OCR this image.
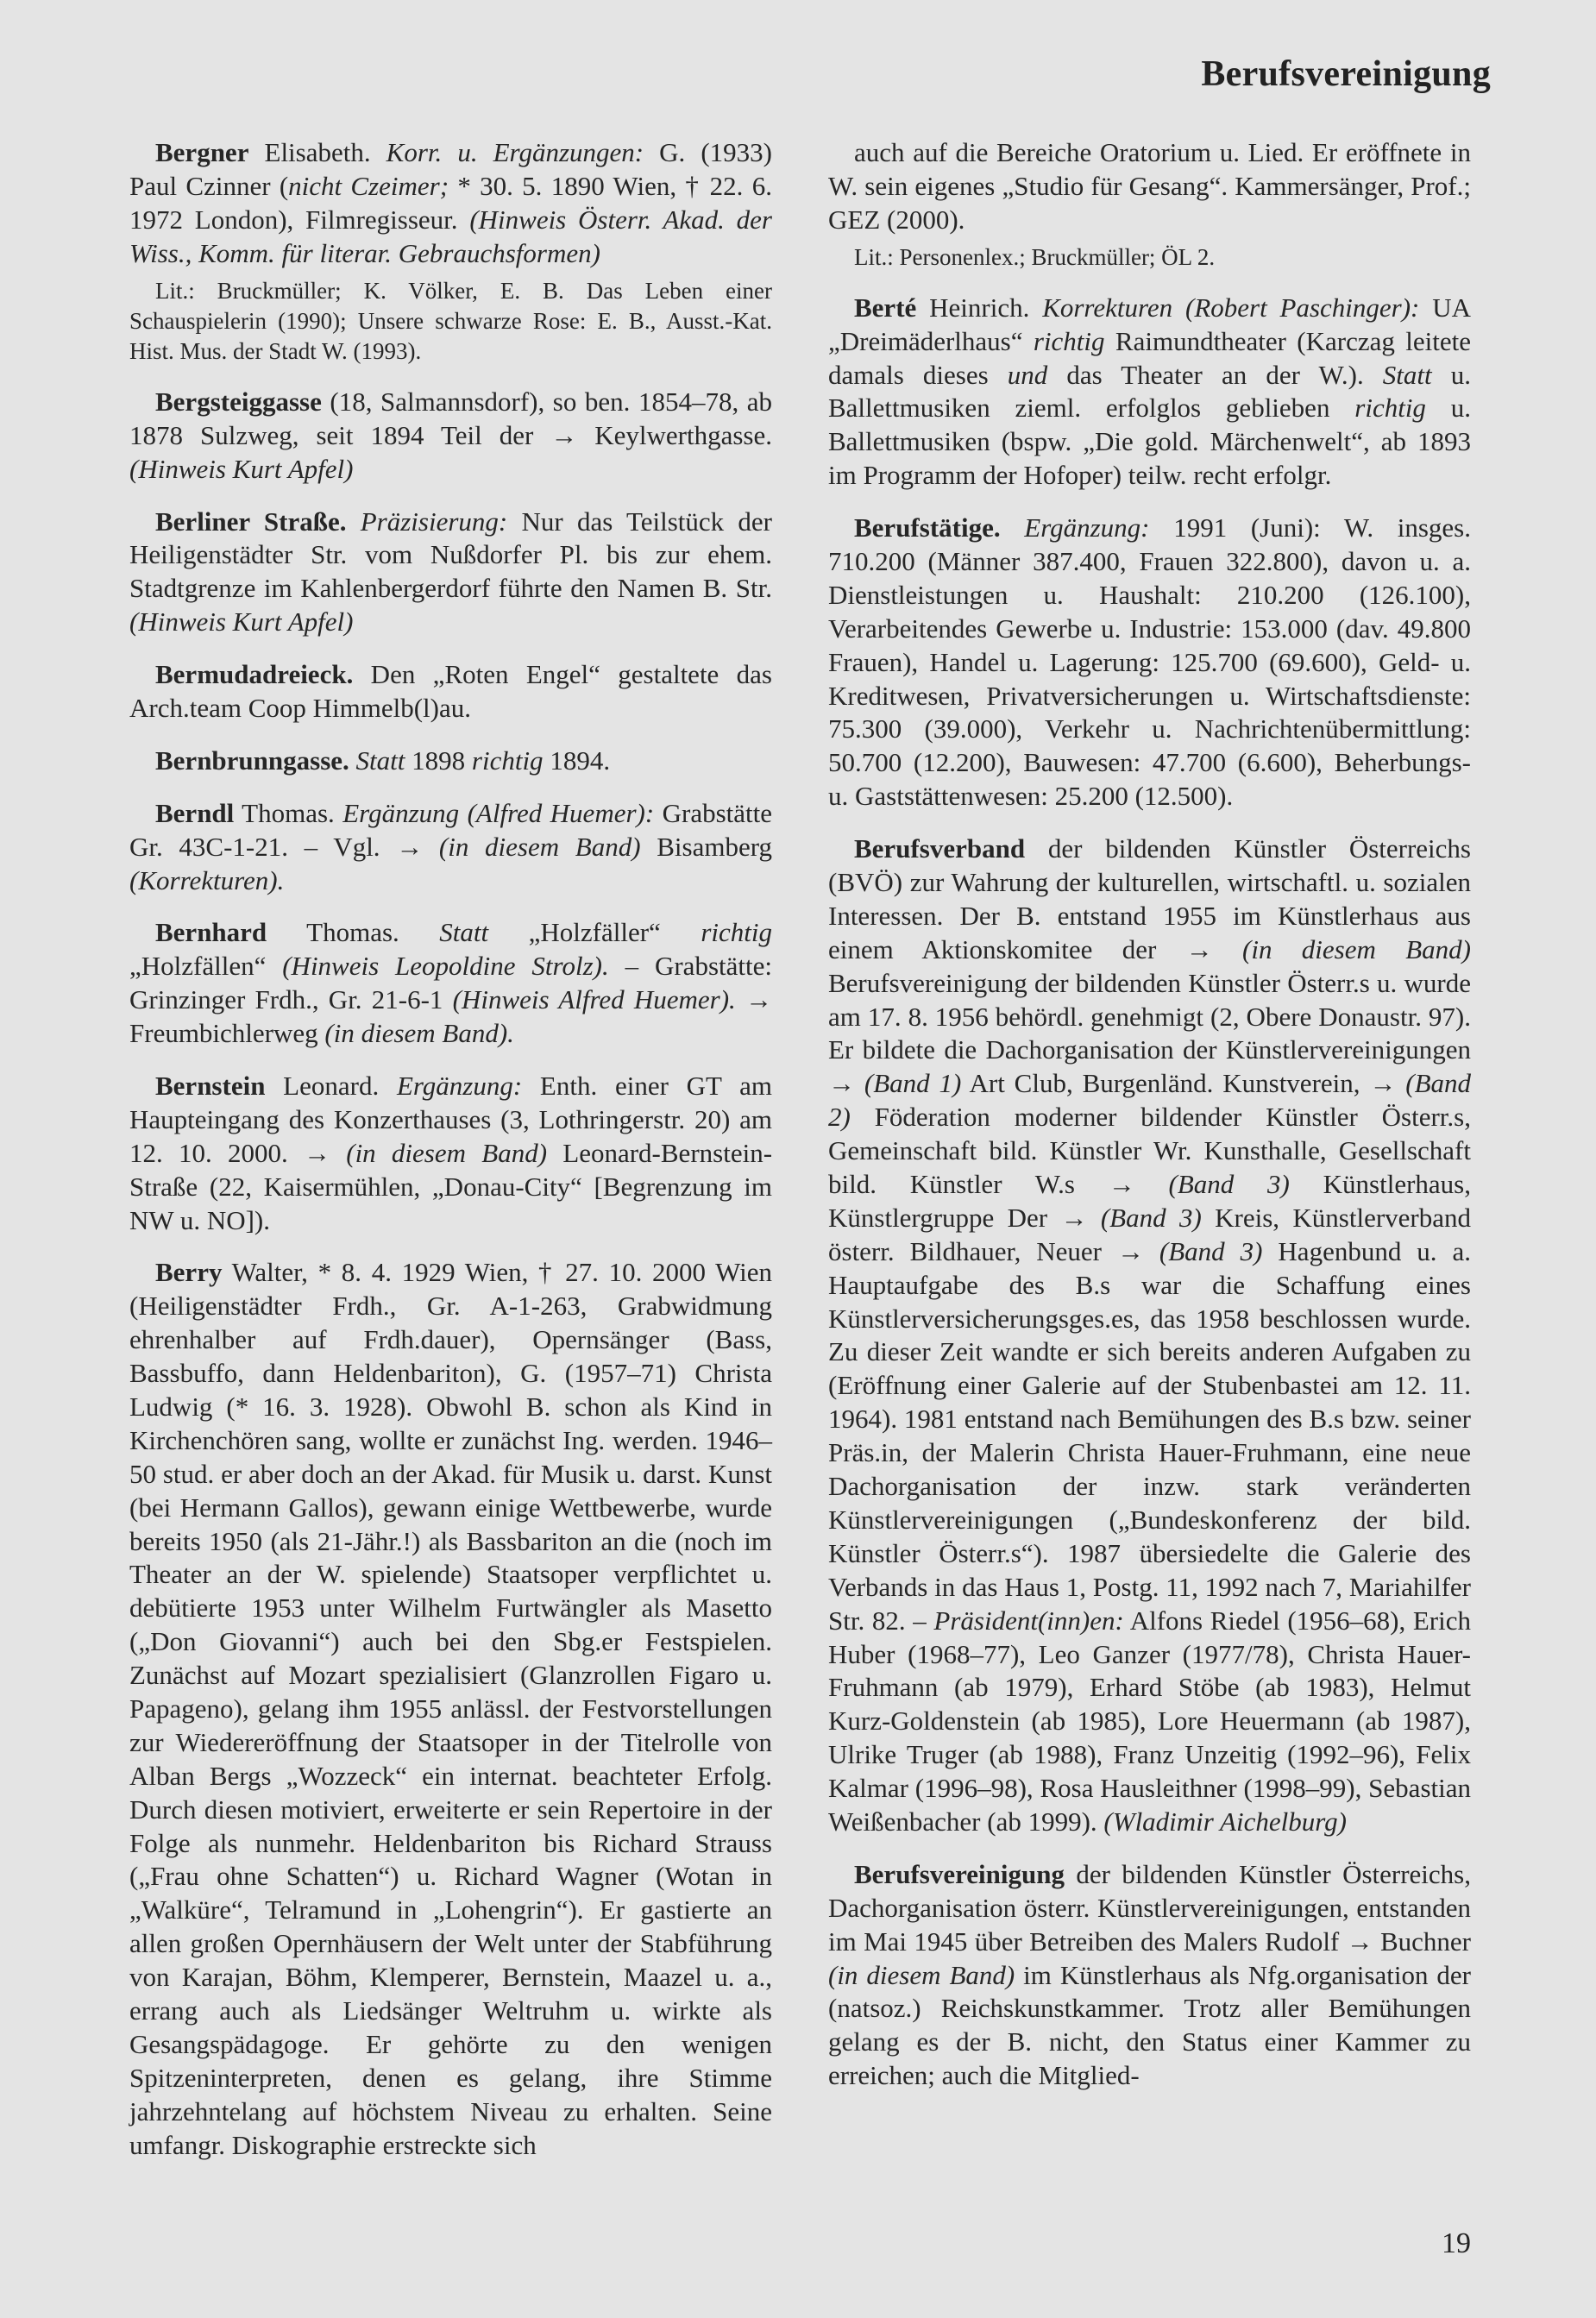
Berufsvereinigung
Bergner Elisabeth. Korr. u. Ergänzungen: G. (1933) Paul Czinner (nicht Czeimer; * 30. 5. 1890 Wien, † 22. 6. 1972 London), Filmregisseur. (Hinweis Österr. Akad. der Wiss., Komm. für literar. Gebrauchsformen)
Lit.: Bruckmüller; K. Völker, E. B. Das Leben einer Schauspielerin (1990); Unsere schwarze Rose: E. B., Ausst.-Kat. Hist. Mus. der Stadt W. (1993).
Bergsteiggasse (18, Salmannsdorf), so ben. 1854–78, ab 1878 Sulzweg, seit 1894 Teil der → Keylwerthgasse. (Hinweis Kurt Apfel)
Berliner Straße. Präzisierung: Nur das Teilstück der Heiligenstädter Str. vom Nußdorfer Pl. bis zur ehem. Stadtgrenze im Kahlenbergerdorf führte den Namen B. Str. (Hinweis Kurt Apfel)
Bermudadreieck. Den „Roten Engel“ gestaltete das Arch.team Coop Himmelb(l)au.
Bernbrunngasse. Statt 1898 richtig 1894.
Berndl Thomas. Ergänzung (Alfred Huemer): Grabstätte Gr. 43C-1-21. – Vgl. → (in diesem Band) Bisamberg (Korrekturen).
Bernhard Thomas. Statt „Holzfäller“ richtig „Holzfällen“ (Hinweis Leopoldine Strolz). – Grabstätte: Grinzinger Frdh., Gr. 21-6-1 (Hinweis Alfred Huemer). → Freumbichlerweg (in diesem Band).
Bernstein Leonard. Ergänzung: Enth. einer GT am Haupteingang des Konzerthauses (3, Lothringerstr. 20) am 12. 10. 2000. → (in diesem Band) Leonard-Bernstein-Straße (22, Kaisermühlen, „Donau-City“ [Begrenzung im NW u. NO]).
Berry Walter, * 8. 4. 1929 Wien, † 27. 10. 2000 Wien (Heiligenstädter Frdh., Gr. A-1-263, Grabwidmung ehrenhalber auf Frdh.dauer), Opernsänger (Bass, Bassbuffo, dann Heldenbariton), G. (1957–71) Christa Ludwig (* 16. 3. 1928). Obwohl B. schon als Kind in Kirchenchören sang, wollte er zunächst Ing. werden. 1946–50 stud. er aber doch an der Akad. für Musik u. darst. Kunst (bei Hermann Gallos), gewann einige Wettbewerbe, wurde bereits 1950 (als 21-Jähr.!) als Bassbariton an die (noch im Theater an der W. spielende) Staatsoper verpflichtet u. debütierte 1953 unter Wilhelm Furtwängler als Masetto („Don Giovanni“) auch bei den Sbg.er Festspielen. Zunächst auf Mozart spezialisiert (Glanzrollen Figaro u. Papageno), gelang ihm 1955 anlässl. der Festvorstellungen zur Wiedereröffnung der Staatsoper in der Titelrolle von Alban Bergs „Wozzeck“ ein internat. beachteter Erfolg. Durch diesen motiviert, erweiterte er sein Repertoire in der Folge als nunmehr. Heldenbariton bis Richard Strauss („Frau ohne Schatten“) u. Richard Wagner (Wotan in „Walküre“, Telramund in „Lohengrin“). Er gastierte an allen großen Opernhäusern der Welt unter der Stabführung von Karajan, Böhm, Klemperer, Bernstein, Maazel u. a., errang auch als Liedsänger Weltruhm u. wirkte als Gesangspädagoge. Er gehörte zu den wenigen Spitzeninterpreten, denen es gelang, ihre Stimme jahrzehntelang auf höchstem Niveau zu erhalten. Seine umfangr. Diskographie erstreckte sich
auch auf die Bereiche Oratorium u. Lied. Er eröffnete in W. sein eigenes „Studio für Gesang“. Kammersänger, Prof.; GEZ (2000).
Lit.: Personenlex.; Bruckmüller; ÖL 2.
Berté Heinrich. Korrekturen (Robert Paschinger): UA „Dreimäderlhaus“ richtig Raimundtheater (Karczag leitete damals dieses und das Theater an der W.). Statt u. Ballettmusiken zieml. erfolglos geblieben richtig u. Ballettmusiken (bspw. „Die gold. Märchenwelt“, ab 1893 im Programm der Hofoper) teilw. recht erfolgr.
Berufstätige. Ergänzung: 1991 (Juni): W. insges. 710.200 (Männer 387.400, Frauen 322.800), davon u. a. Dienstleistungen u. Haushalt: 210.200 (126.100), Verarbeitendes Gewerbe u. Industrie: 153.000 (dav. 49.800 Frauen), Handel u. Lagerung: 125.700 (69.600), Geld- u. Kreditwesen, Privatversicherungen u. Wirtschaftsdienste: 75.300 (39.000), Verkehr u. Nachrichtenübermittlung: 50.700 (12.200), Bauwesen: 47.700 (6.600), Beherbungs- u. Gaststättenwesen: 25.200 (12.500).
Berufsverband der bildenden Künstler Österreichs (BVÖ) zur Wahrung der kulturellen, wirtschaftl. u. sozialen Interessen. Der B. entstand 1955 im Künstlerhaus aus einem Aktionskomitee der → (in diesem Band) Berufsvereinigung der bildenden Künstler Österr.s u. wurde am 17. 8. 1956 behördl. genehmigt (2, Obere Donaustr. 97). Er bildete die Dachorganisation der Künstlervereinigungen → (Band 1) Art Club, Burgenländ. Kunstverein, → (Band 2) Föderation moderner bildender Künstler Österr.s, Gemeinschaft bild. Künstler Wr. Kunsthalle, Gesellschaft bild. Künstler W.s → (Band 3) Künstlerhaus, Künstlergruppe Der → (Band 3) Kreis, Künstlerverband österr. Bildhauer, Neuer → (Band 3) Hagenbund u. a. Hauptaufgabe des B.s war die Schaffung eines Künstlerversicherungsges.es, das 1958 beschlossen wurde. Zu dieser Zeit wandte er sich bereits anderen Aufgaben zu (Eröffnung einer Galerie auf der Stubenbastei am 12. 11. 1964). 1981 entstand nach Bemühungen des B.s bzw. seiner Präs.in, der Malerin Christa Hauer-Fruhmann, eine neue Dachorganisation der inzw. stark veränderten Künstlervereinigungen („Bundeskonferenz der bild. Künstler Österr.s“). 1987 übersiedelte die Galerie des Verbands in das Haus 1, Postg. 11, 1992 nach 7, Mariahilfer Str. 82. – Präsident(inn)en: Alfons Riedel (1956–68), Erich Huber (1968–77), Leo Ganzer (1977/78), Christa Hauer-Fruhmann (ab 1979), Erhard Stöbe (ab 1983), Helmut Kurz-Goldenstein (ab 1985), Lore Heuermann (ab 1987), Ulrike Truger (ab 1988), Franz Unzeitig (1992–96), Felix Kalmar (1996–98), Rosa Hausleithner (1998–99), Sebastian Weißenbacher (ab 1999). (Wladimir Aichelburg)
Berufsvereinigung der bildenden Künstler Österreichs, Dachorganisation österr. Künstlervereinigungen, entstanden im Mai 1945 über Betreiben des Malers Rudolf → Buchner (in diesem Band) im Künstlerhaus als Nfg.organisation der (natsoz.) Reichskunstkammer. Trotz aller Bemühungen gelang es der B. nicht, den Status einer Kammer zu erreichen; auch die Mitglied-
19
